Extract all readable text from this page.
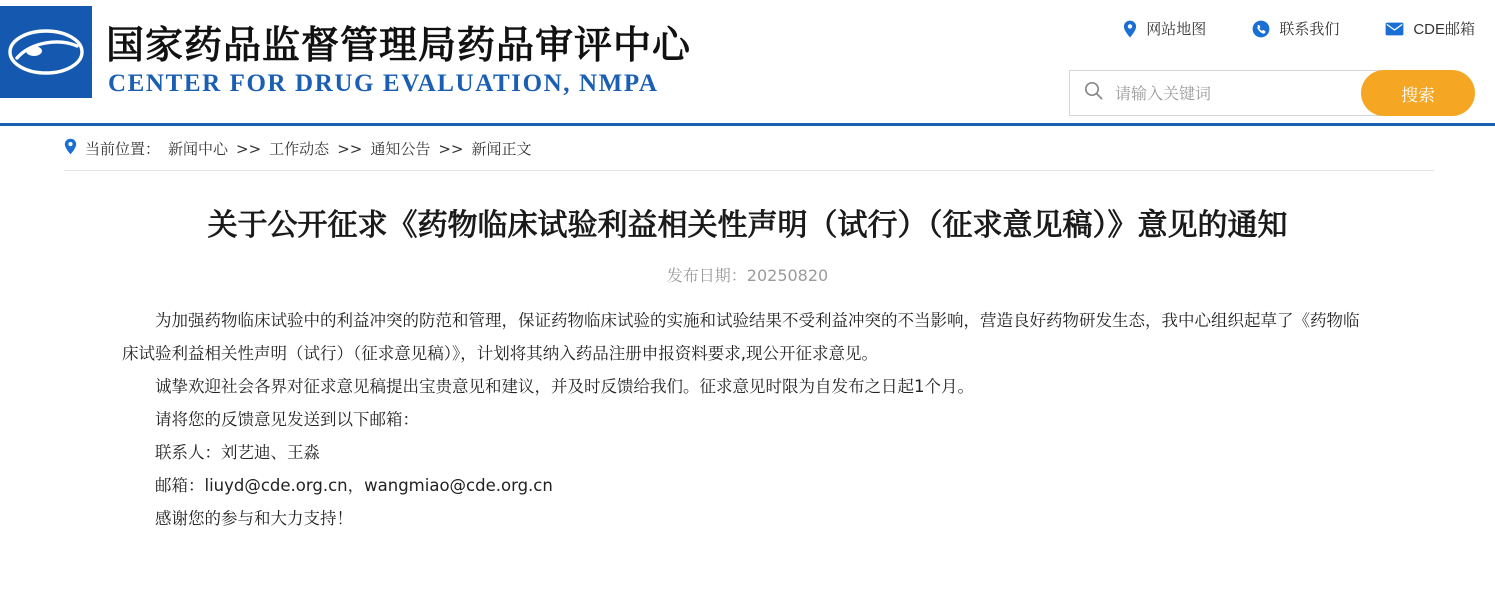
国家药品监督管理局药品审评中心
CENTER FOR DRUG EVALUATION, NMPA
网站地图	联系我们	CDE邮箱
请输入关键词
搜索
当前位置： 新闻中心 >> 工作动态 >> 通知公告 >> 新闻正文
关于公开征求《药物临床试验利益相关性声明（试行）（征求意见稿）》意见的通知
发布日期：20250820

为加强药物临床试验中的利益冲突的防范和管理，保证药物临床试验的实施和试验结果不受利益冲突的不当影响，营造良好药物研发生态，我中心组织起草了《药物临床试验利益相关性声明（试行）（征求意见稿）》，计划将其纳入药品注册申报资料要求,现公开征求意见。

诚挚欢迎社会各界对征求意见稿提出宝贵意见和建议，并及时反馈给我们。征求意见时限为自发布之日起1个月。

请将您的反馈意见发送到以下邮箱：

联系人：刘艺迪、王淼

邮箱：liuyd@cde.org.cn，wangmiao@cde.org.cn

感谢您的参与和大力支持！
